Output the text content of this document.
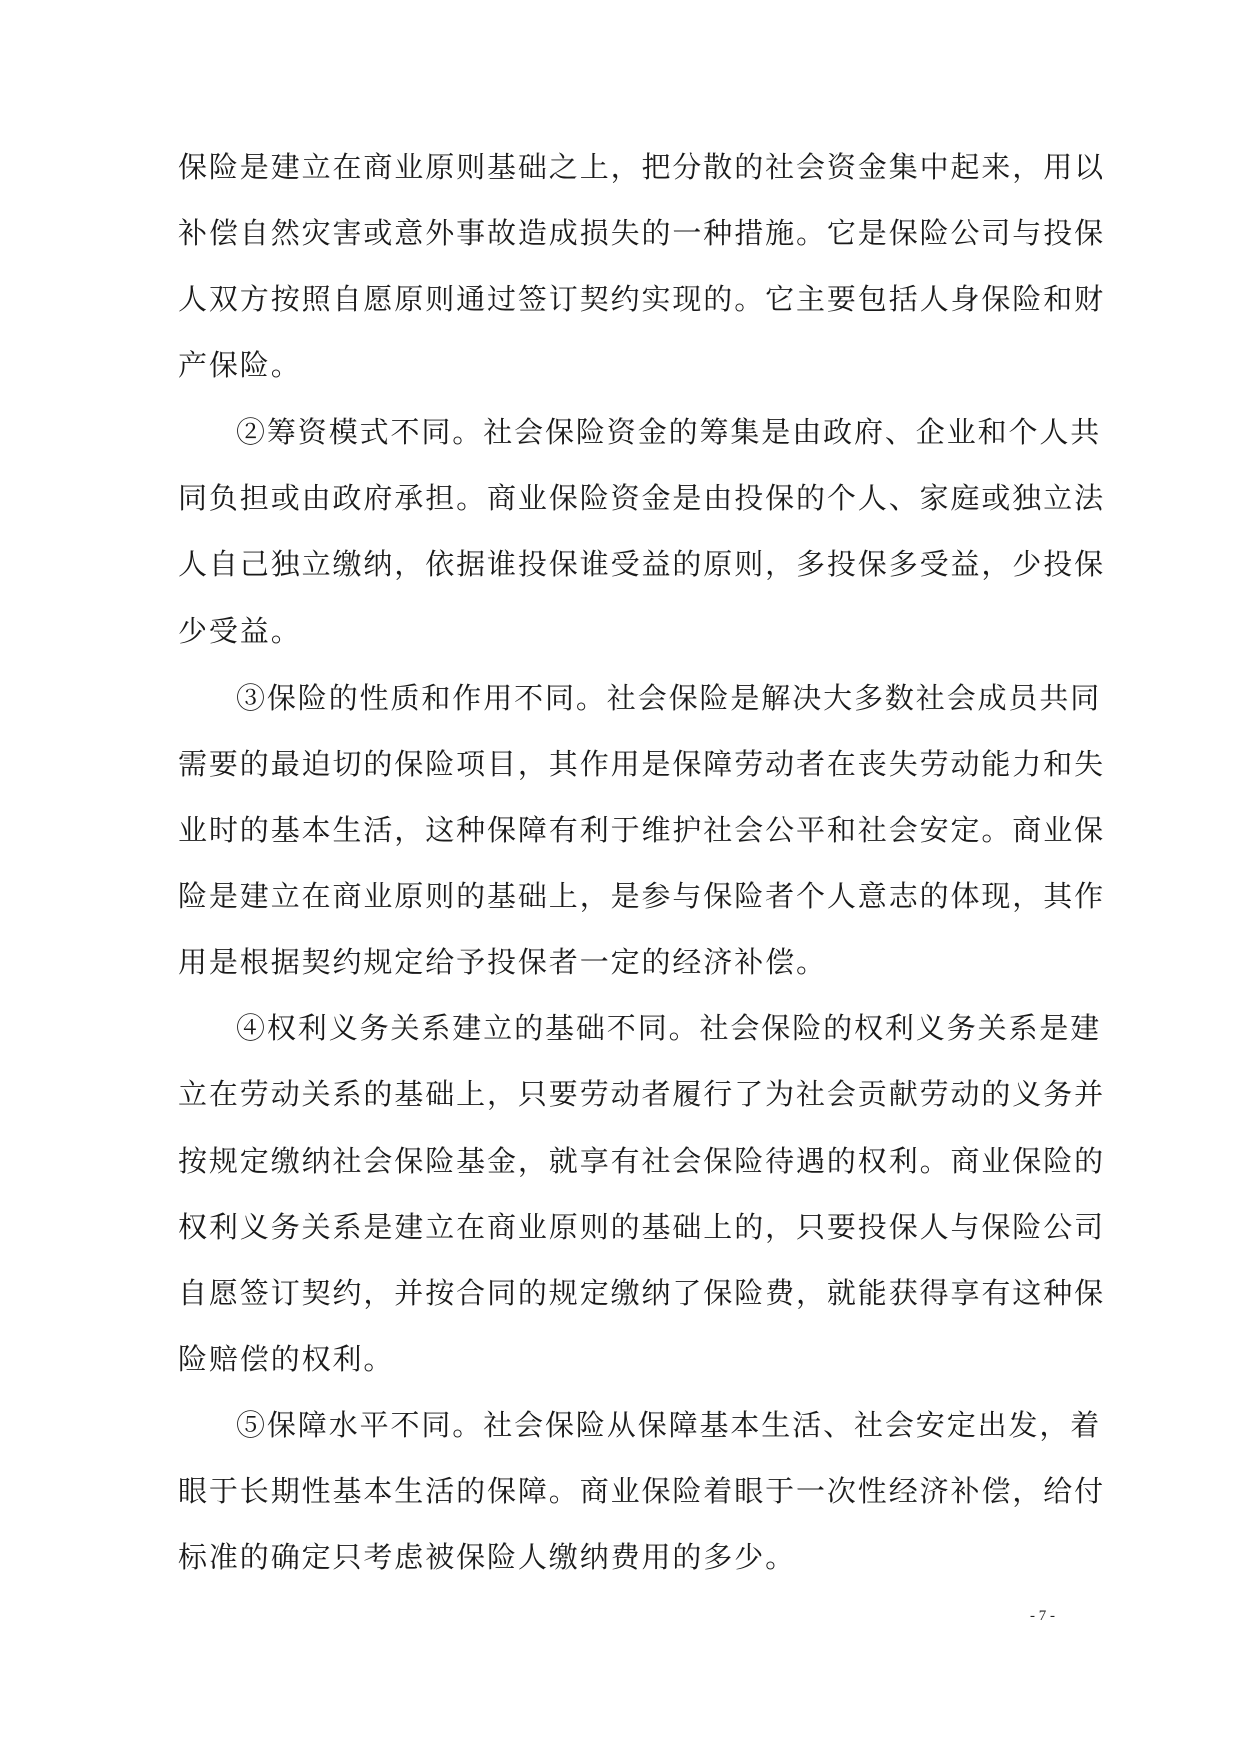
保险是建立在商业原则基础之上，把分散的社会资金集中起来，用以
补偿自然灾害或意外事故造成损失的一种措施。它是保险公司与投保
人双方按照自愿原则通过签订契约实现的。它主要包括人身保险和财
产保险。
②筹资模式不同。社会保险资金的筹集是由政府、企业和个人共
同负担或由政府承担。商业保险资金是由投保的个人、家庭或独立法
人自己独立缴纳，依据谁投保谁受益的原则，多投保多受益，少投保
少受益。
③保险的性质和作用不同。社会保险是解决大多数社会成员共同
需要的最迫切的保险项目，其作用是保障劳动者在丧失劳动能力和失
业时的基本生活，这种保障有利于维护社会公平和社会安定。商业保
险是建立在商业原则的基础上，是参与保险者个人意志的体现，其作
用是根据契约规定给予投保者一定的经济补偿。
④权利义务关系建立的基础不同。社会保险的权利义务关系是建
立在劳动关系的基础上，只要劳动者履行了为社会贡献劳动的义务并
按规定缴纳社会保险基金，就享有社会保险待遇的权利。商业保险的
权利义务关系是建立在商业原则的基础上的，只要投保人与保险公司
自愿签订契约，并按合同的规定缴纳了保险费，就能获得享有这种保
险赔偿的权利。
⑤保障水平不同。社会保险从保障基本生活、社会安定出发，着
眼于长期性基本生活的保障。商业保险着眼于一次性经济补偿，给付
标准的确定只考虑被保险人缴纳费用的多少。
- 7 -
